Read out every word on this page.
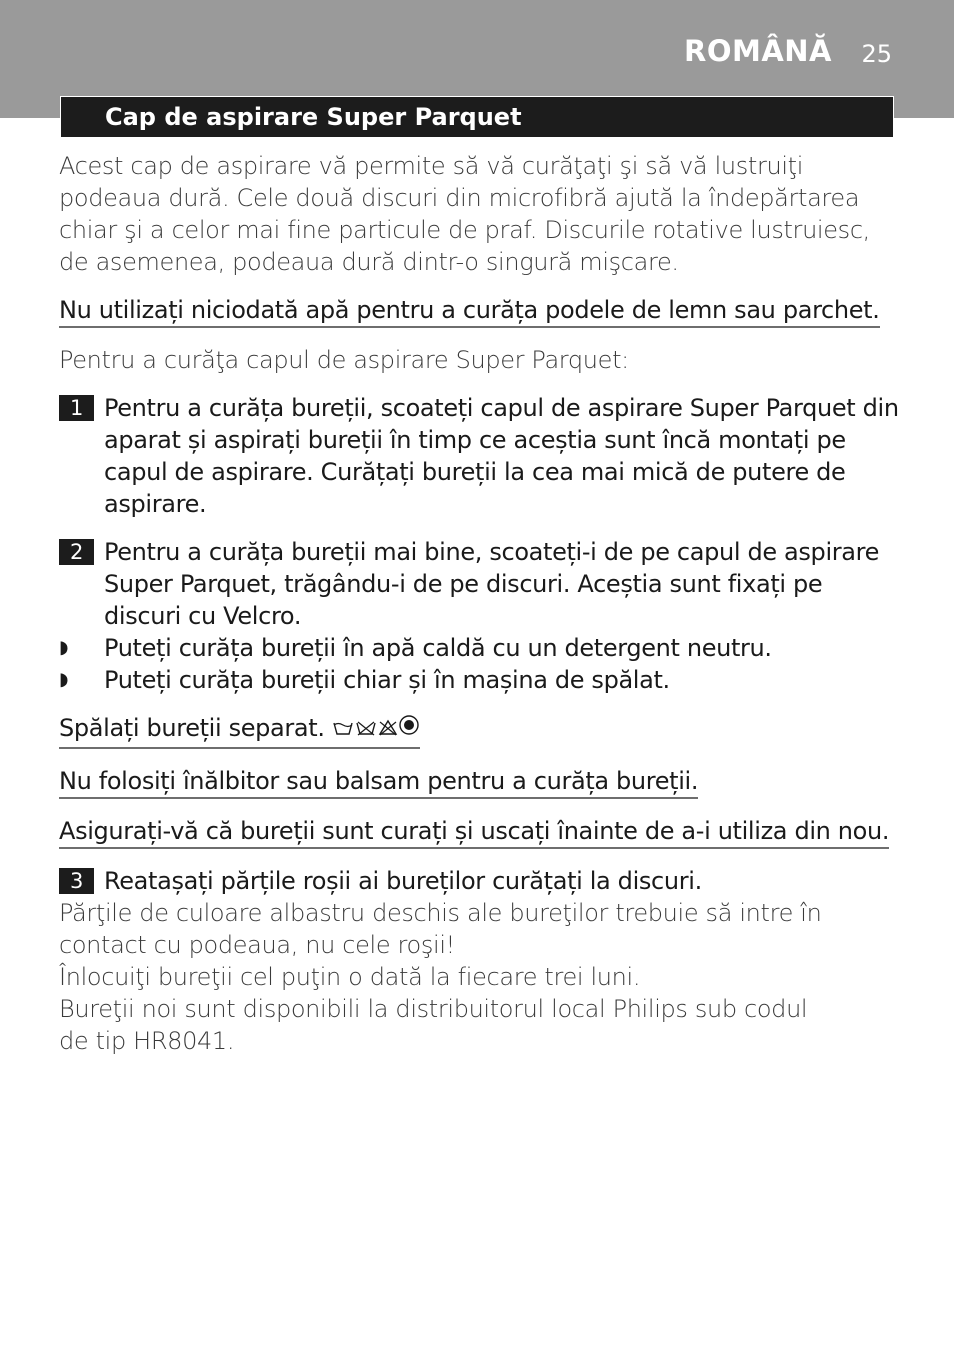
ROMÂNĂ 25
Cap de aspirare Super Parquet

Acest cap de aspirare vă permite să vă curăţaţi şi să vă lustruiţi podeaua dură. Cele două discuri din microfibră ajută la îndepărtarea chiar şi a celor mai fine particule de praf. Discurile rotative lustruiesc, de asemenea, podeaua dură dintr-o singură mişcare.

Nu utilizați niciodată apă pentru a curăța podele de lemn sau parchet.

Pentru a curăţa capul de aspirare Super Parquet:

1 Pentru a curăța bureții, scoateți capul de aspirare Super Parquet din aparat și aspirați bureții în timp ce aceștia sunt încă montați pe capul de aspirare. Curățați bureții la cea mai mică de putere de aspirare.
2 Pentru a curăța bureții mai bine, scoateți-i de pe capul de aspirare Super Parquet, trăgându-i de pe discuri. Aceștia sunt fixați pe discuri cu Velcro.
◗ Puteți curăța bureții în apă caldă cu un detergent neutru.
◗ Puteți curăța bureții chiar și în mașina de spălat.

Spălați bureții separat.

Nu folosiți înălbitor sau balsam pentru a curăța bureții.

Asigurați-vă că bureții sunt curați și uscați înainte de a-i utiliza din nou.

3 Reatașați părțile roșii ai bureților curățați la discuri.

Părţile de culoare albastru deschis ale bureţilor trebuie să intre în contact cu podeaua, nu cele roşii!

Înlocuiţi bureţii cel puţin o dată la fiecare trei luni.

Bureţii noi sunt disponibili la distribuitorul local Philips sub codul de tip HR8041.
